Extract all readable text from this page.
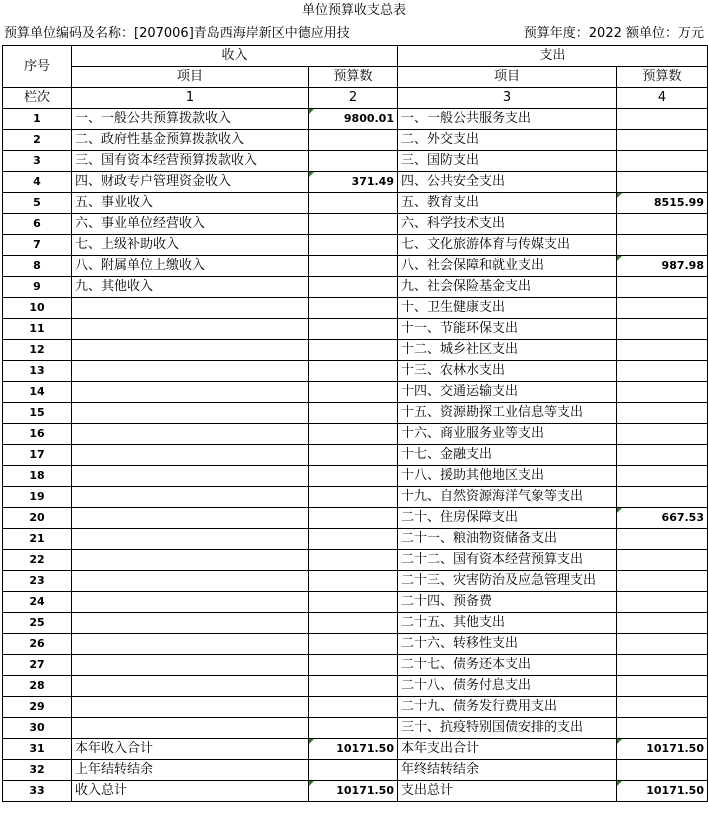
单位预算收支总表
预算单位编码及名称：[207006]青岛西海岸新区中德应用技	预算年度：2022 额单位：万元
序号	收入		支出	
	项目	预算数	项目	预算数
栏次	1	2	3	4
1	一、一般公共预算拨款收入	9800.01	一、一般公共服务支出	
2	二、政府性基金预算拨款收入		二、外交支出	
3	三、国有资本经营预算拨款收入		三、国防支出	
4	四、财政专户管理资金收入	371.49	四、公共安全支出	
5	五、事业收入		五、教育支出	8515.99
6	六、事业单位经营收入		六、科学技术支出	
7	七、上级补助收入		七、文化旅游体育与传媒支出	
8	八、附属单位上缴收入		八、社会保障和就业支出	987.98
9	九、其他收入		九、社会保险基金支出	
10			十、卫生健康支出	
11			十一、节能环保支出	
12			十二、城乡社区支出	
13			十三、农林水支出	
14			十四、交通运输支出	
15			十五、资源勘探工业信息等支出	
16			十六、商业服务业等支出	
17			十七、金融支出	
18			十八、援助其他地区支出	
19			十九、自然资源海洋气象等支出	
20			二十、住房保障支出	667.53
21			二十一、粮油物资储备支出	
22			二十二、国有资本经营预算支出	
23			二十三、灾害防治及应急管理支出	
24			二十四、预备费	
25			二十五、其他支出	
26			二十六、转移性支出	
27			二十七、债务还本支出	
28			二十八、债务付息支出	
29			二十九、债务发行费用支出	
30			三十、抗疫特别国债安排的支出	
31	本年收入合计	10171.50	本年支出合计	10171.50
32	上年结转结余		年终结转结余	
33	收入总计	10171.50	支出总计	10171.50
